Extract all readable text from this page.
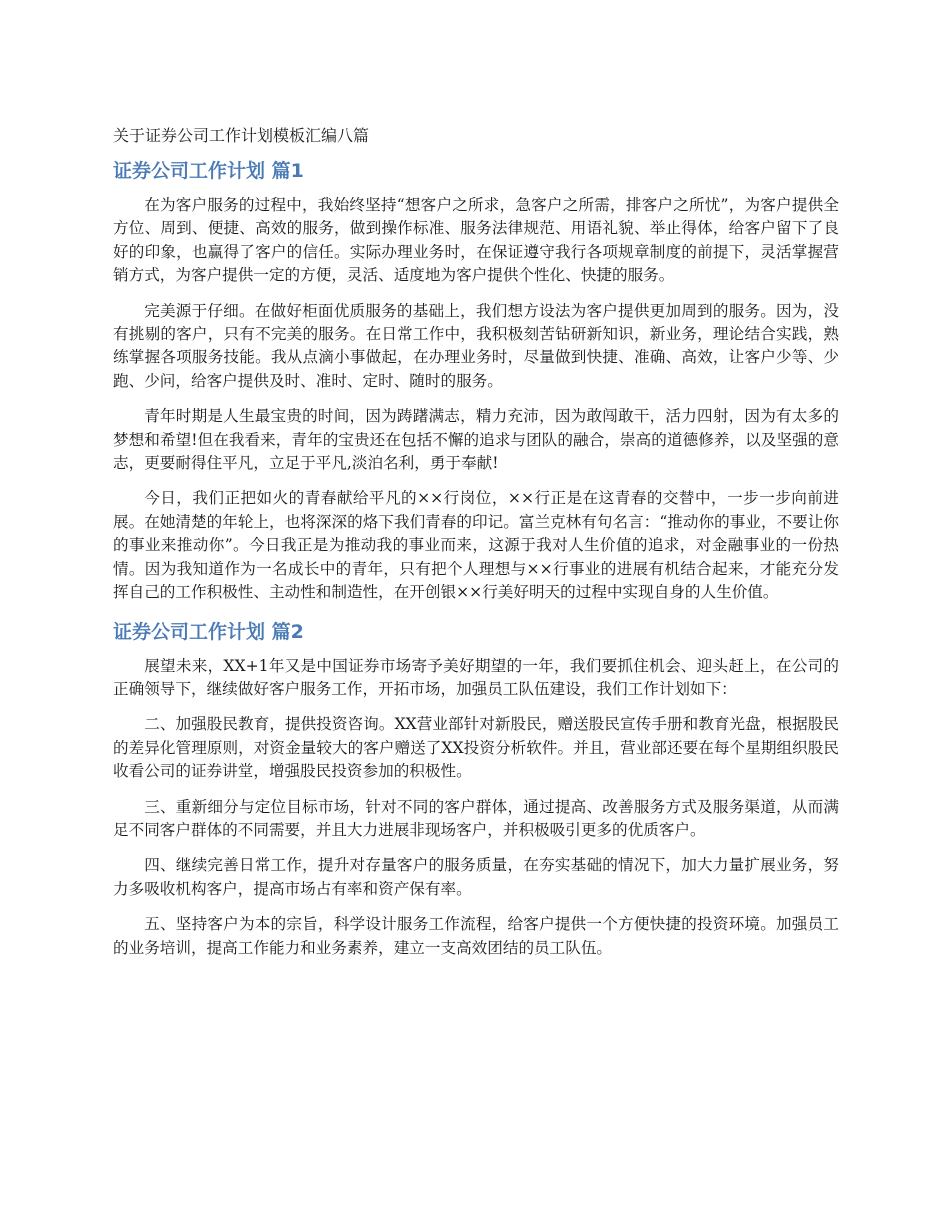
关于证券公司工作计划模板汇编八篇
证券公司工作计划 篇1

在为客户服务的过程中，我始终坚持“想客户之所求，急客户之所需，排客户之所忧”，为客户提供全方位、周到、便捷、高效的服务，做到操作标准、服务法律规范、用语礼貌、举止得体，给客户留下了良好的印象，也赢得了客户的信任。实际办理业务时，在保证遵守我行各项规章制度的前提下，灵活掌握营销方式，为客户提供一定的方便，灵活、适度地为客户提供个性化、快捷的服务。

完美源于仔细。在做好柜面优质服务的基础上，我们想方设法为客户提供更加周到的服务。因为，没有挑剔的客户，只有不完美的服务。在日常工作中，我积极刻苦钻研新知识，新业务，理论结合实践，熟练掌握各项服务技能。我从点滴小事做起，在办理业务时，尽量做到快捷、准确、高效，让客户少等、少跑、少问，给客户提供及时、准时、定时、随时的服务。

青年时期是人生最宝贵的时间，因为踌躇满志，精力充沛，因为敢闯敢干，活力四射，因为有太多的梦想和希望!但在我看来，青年的宝贵还在包括不懈的追求与团队的融合，崇高的道德修养，以及坚强的意志，更要耐得住平凡，立足于平凡,淡泊名利，勇于奉献!

今日，我们正把如火的青春献给平凡的××行岗位，××行正是在这青春的交替中，一步一步向前进展。在她清楚的年轮上，也将深深的烙下我们青春的印记。富兰克林有句名言：“推动你的事业，不要让你的事业来推动你”。今日我正是为推动我的事业而来，这源于我对人生价值的追求，对金融事业的一份热情。因为我知道作为一名成长中的青年，只有把个人理想与××行事业的进展有机结合起来，才能充分发挥自己的工作积极性、主动性和制造性，在开创银××行美好明天的过程中实现自身的人生价值。

证券公司工作计划 篇2

展望未来，XX+1年又是中国证券市场寄予美好期望的一年，我们要抓住机会、迎头赶上，在公司的正确领导下，继续做好客户服务工作，开拓市场，加强员工队伍建设，我们工作计划如下：

二、加强股民教育，提供投资咨询。XX营业部针对新股民，赠送股民宣传手册和教育光盘，根据股民的差异化管理原则，对资金量较大的客户赠送了XX投资分析软件。并且，营业部还要在每个星期组织股民收看公司的证券讲堂，增强股民投资参加的积极性。

三、重新细分与定位目标市场，针对不同的客户群体，通过提高、改善服务方式及服务渠道，从而满足不同客户群体的不同需要，并且大力进展非现场客户，并积极吸引更多的优质客户。

四、继续完善日常工作，提升对存量客户的服务质量，在夯实基础的情况下，加大力量扩展业务，努力多吸收机构客户，提高市场占有率和资产保有率。

五、坚持客户为本的宗旨，科学设计服务工作流程，给客户提供一个方便快捷的投资环境。加强员工的业务培训，提高工作能力和业务素养，建立一支高效团结的员工队伍。
